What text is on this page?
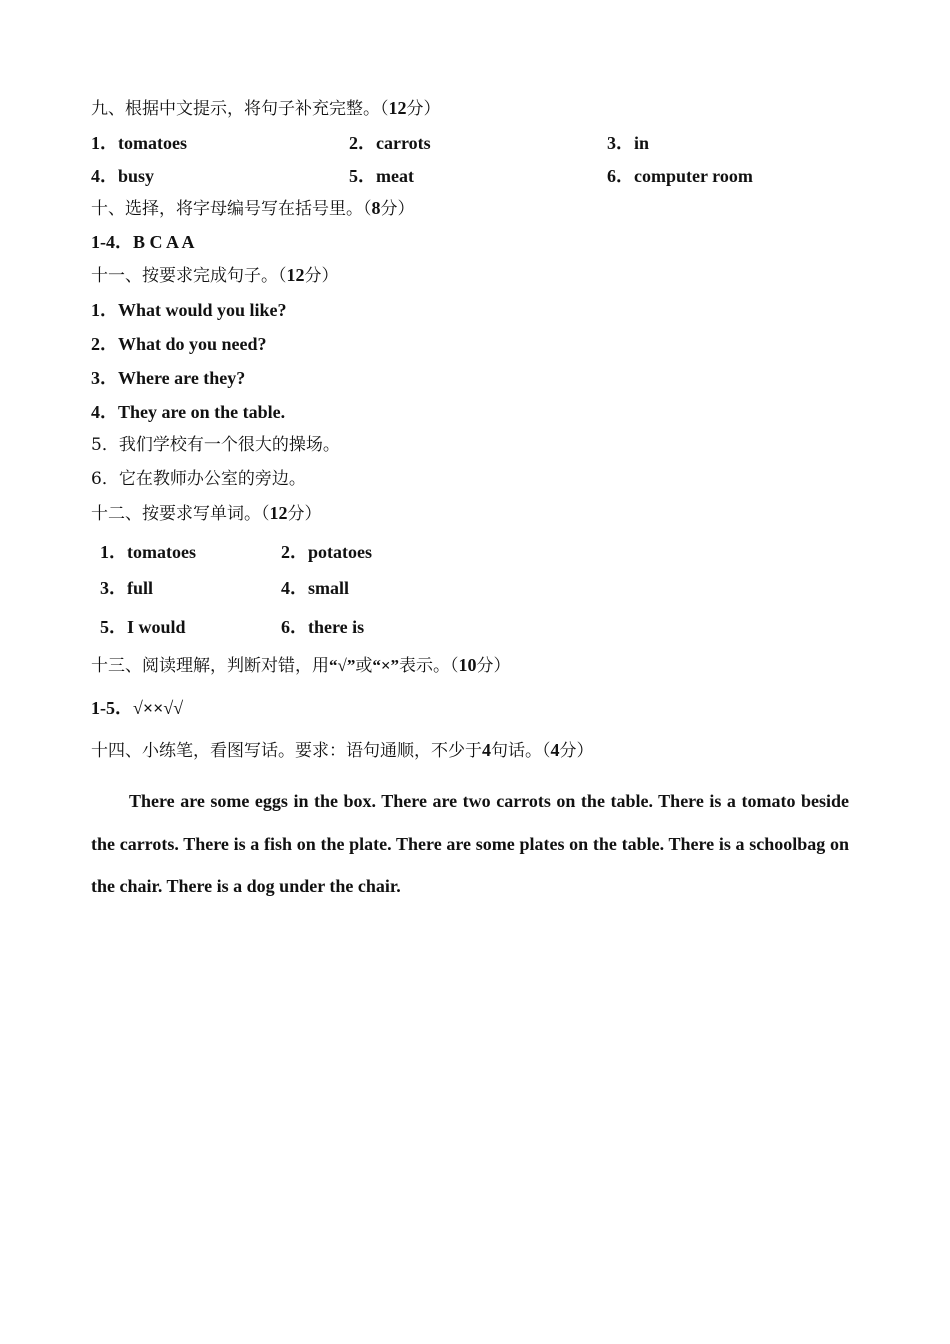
九、根据中文提示，将句子补充完整。（12分）
1．tomatoes	2．carrots	3．in
4．busy	5．meat	6．computer room
十、选择，将字母编号写在括号里。（8分）
1-4．B C A A
十一、按要求完成句子。（12分）
1．What would you like?
2．What do you need?
3．Where are they?
4．They are on the table.
5．我们学校有一个很大的操场。
6．它在教师办公室的旁边。
十二、按要求写单词。（12分）
1．tomatoes	2．potatoes
3．full	4．small
5．I would	6．there is
十三、阅读理解，判断对错，用“√”或“×”表示。（10分）
1-5．√××√√
十四、小练笔，看图写话。要求：语句通顺，不少于4句话。（4分）
There are some eggs in the box. There are two carrots on the table. There is a tomato beside the carrots. There is a fish on the plate. There are some plates on the table. There is a schoolbag on the chair. There is a dog under the chair.
